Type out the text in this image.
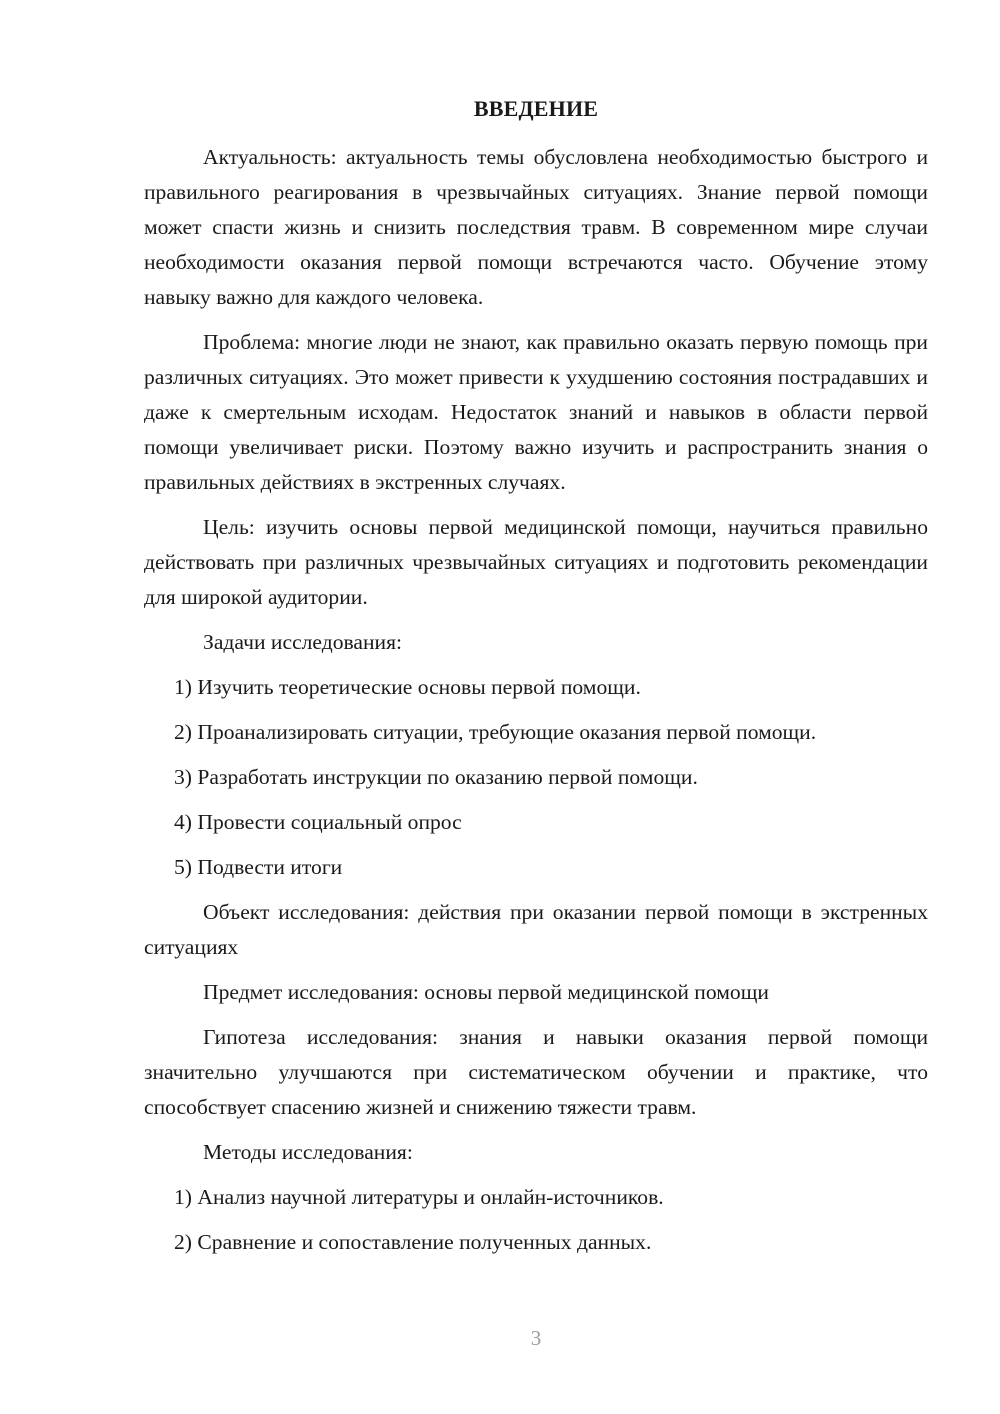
ВВЕДЕНИЕ

Актуальность: актуальность темы обусловлена необходимостью быстрого и правильного реагирования в чрезвычайных ситуациях. Знание первой помощи может спасти жизнь и снизить последствия травм. В современном мире случаи необходимости оказания первой помощи встречаются часто. Обучение этому навыку важно для каждого человека.

Проблема: многие люди не знают, как правильно оказать первую помощь при различных ситуациях. Это может привести к ухудшению состояния пострадавших и даже к смертельным исходам. Недостаток знаний и навыков в области первой помощи увеличивает риски. Поэтому важно изучить и распространить знания о правильных действиях в экстренных случаях.

Цель: изучить основы первой медицинской помощи, научиться правильно действовать при различных чрезвычайных ситуациях и подготовить рекомендации для широкой аудитории.

Задачи исследования:

1) Изучить теоретические основы первой помощи.

2) Проанализировать ситуации, требующие оказания первой помощи.

3) Разработать инструкции по оказанию первой помощи.

4) Провести социальный опрос

5) Подвести итоги

Объект исследования: действия при оказании первой помощи в экстренных ситуациях

Предмет исследования: основы первой медицинской помощи

Гипотеза исследования: знания и навыки оказания первой помощи значительно улучшаются при систематическом обучении и практике, что способствует спасению жизней и снижению тяжести травм.

Методы исследования:

1) Анализ научной литературы и онлайн-источников.

2) Сравнение и сопоставление полученных данных.

3
